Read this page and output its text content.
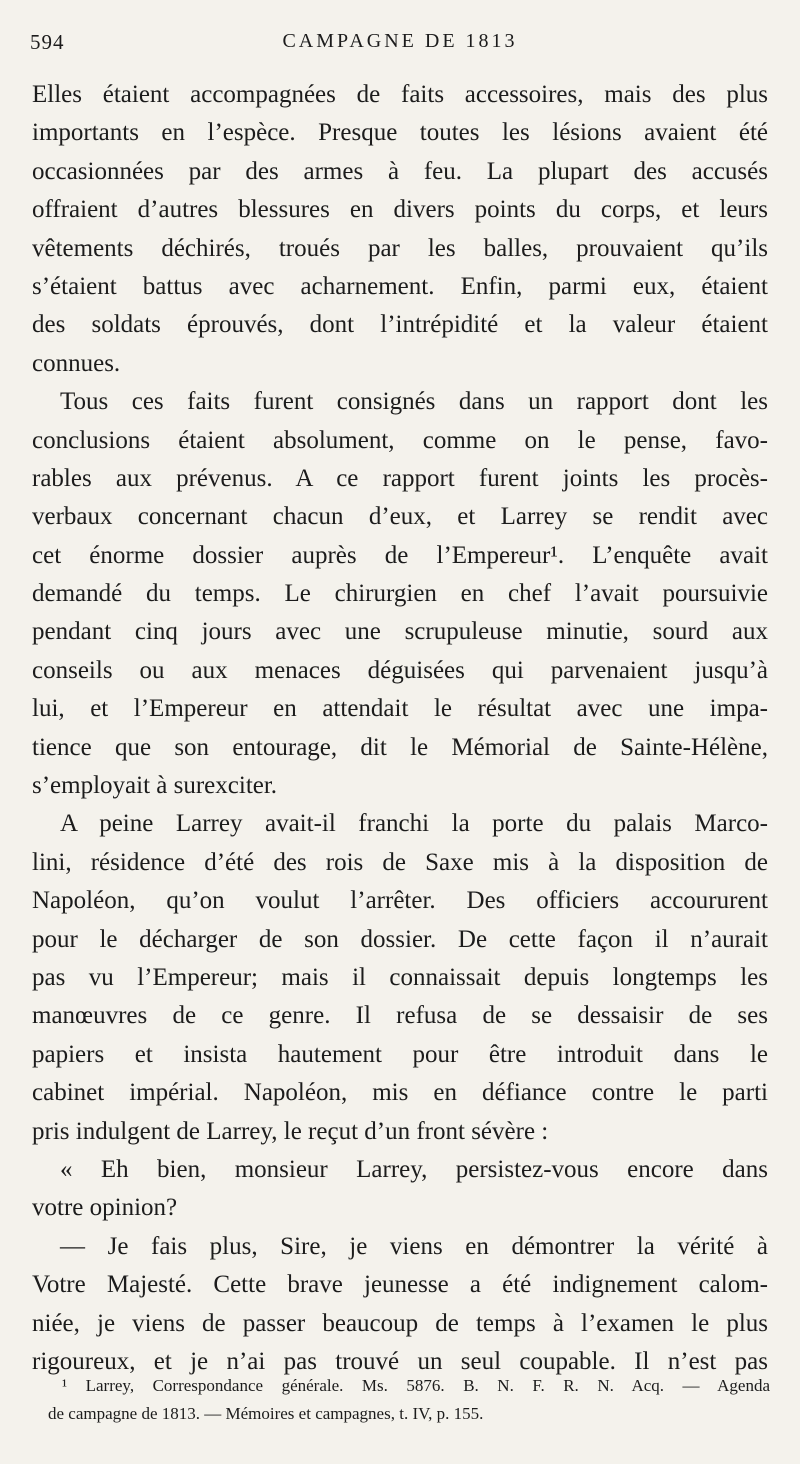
594	CAMPAGNE DE 1813
Elles étaient accompagnées de faits accessoires, mais des plus
importants en l’espèce. Presque toutes les lésions avaient été
occasionnées par des armes à feu. La plupart des accusés
offraient d’autres blessures en divers points du corps, et leurs
vêtements déchirés, troués par les balles, prouvaient qu’ils
s’étaient battus avec acharnement. Enfin, parmi eux, étaient
des soldats éprouvés, dont l’intrépidité et la valeur étaient
connues.
Tous ces faits furent consignés dans un rapport dont les
conclusions étaient absolument, comme on le pense, favo-
rables aux prévenus. A ce rapport furent joints les procès-
verbaux concernant chacun d’eux, et Larrey se rendit avec
cet énorme dossier auprès de l’Empereur¹. L’enquête avait
demandé du temps. Le chirurgien en chef l’avait poursuivie
pendant cinq jours avec une scrupuleuse minutie, sourd aux
conseils ou aux menaces déguisées qui parvenaient jusqu’à
lui, et l’Empereur en attendait le résultat avec une impa-
tience que son entourage, dit le Mémorial de Sainte-Hélène,
s’employait à surexciter.
A peine Larrey avait-il franchi la porte du palais Marco-
lini, résidence d’été des rois de Saxe mis à la disposition de
Napoléon, qu’on voulut l’arrêter. Des officiers accoururent
pour le décharger de son dossier. De cette façon il n’aurait
pas vu l’Empereur; mais il connaissait depuis longtemps les
manœuvres de ce genre. Il refusa de se dessaisir de ses
papiers et insista hautement pour être introduit dans le
cabinet impérial. Napoléon, mis en défiance contre le parti
pris indulgent de Larrey, le reçut d’un front sévère :
« Eh bien, monsieur Larrey, persistez-vous encore dans
votre opinion?
— Je fais plus, Sire, je viens en démontrer la vérité à
Votre Majesté. Cette brave jeunesse a été indignement calom-
niée, je viens de passer beaucoup de temps à l’examen le plus
rigoureux, et je n’ai pas trouvé un seul coupable. Il n’est pas
¹ Larrey, Correspondance générale. Ms. 5876. B. N. F. R. N. Acq. — Agenda
de campagne de 1813. — Mémoires et campagnes, t. IV, p. 155.
